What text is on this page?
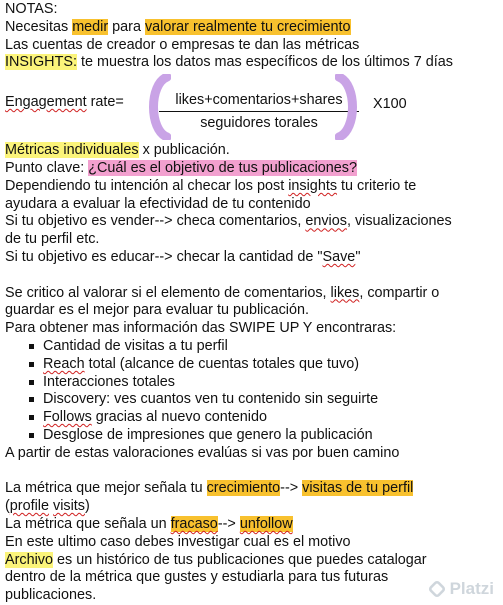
NOTAS:
Necesitas medir para valorar realmente tu crecimiento
Las cuentas de creador o empresas te dan las métricas
INSIGHTS: te muestra los datos mas específicos de los últimos 7 días
Engagement rate=	likes+comentarios+shares
seguidores torales
X100
Métricas individuales x publicación.
Punto clave: ¿Cuál es el objetivo de tus publicaciones?
Dependiendo tu intención al checar los post insights tu criterio te
ayudara a evaluar la efectividad de tu contenido
Si tu objetivo es vender--> checa comentarios, envios, visualizaciones
de tu perfil etc.
Si tu objetivo es educar--> checar la cantidad de "Save"
Se critico al valorar si el elemento de comentarios, likes, compartir o
guardar es el mejor para evaluar tu publicación.
Para obtener mas información das SWIPE UP Y encontraras:
Cantidad de visitas a tu perfil
Reach total (alcance de cuentas totales que tuvo)
Interacciones totales
Discovery: ves cuantos ven tu contenido sin seguirte
Follows gracias al nuevo contenido
Desglose de impresiones que genero la publicación
A partir de estas valoraciones evalúas si vas por buen camino
La métrica que mejor señala tu crecimiento--> visitas de tu perfil
(profile visits)
La métrica que señala un fracaso--> unfollow
En este ultimo caso debes investigar cual es el motivo
Archivo es un histórico de tus publicaciones que puedes catalogar
dentro de la métrica que gustes y estudiarla para tus futuras
publicaciones.	Platzi
